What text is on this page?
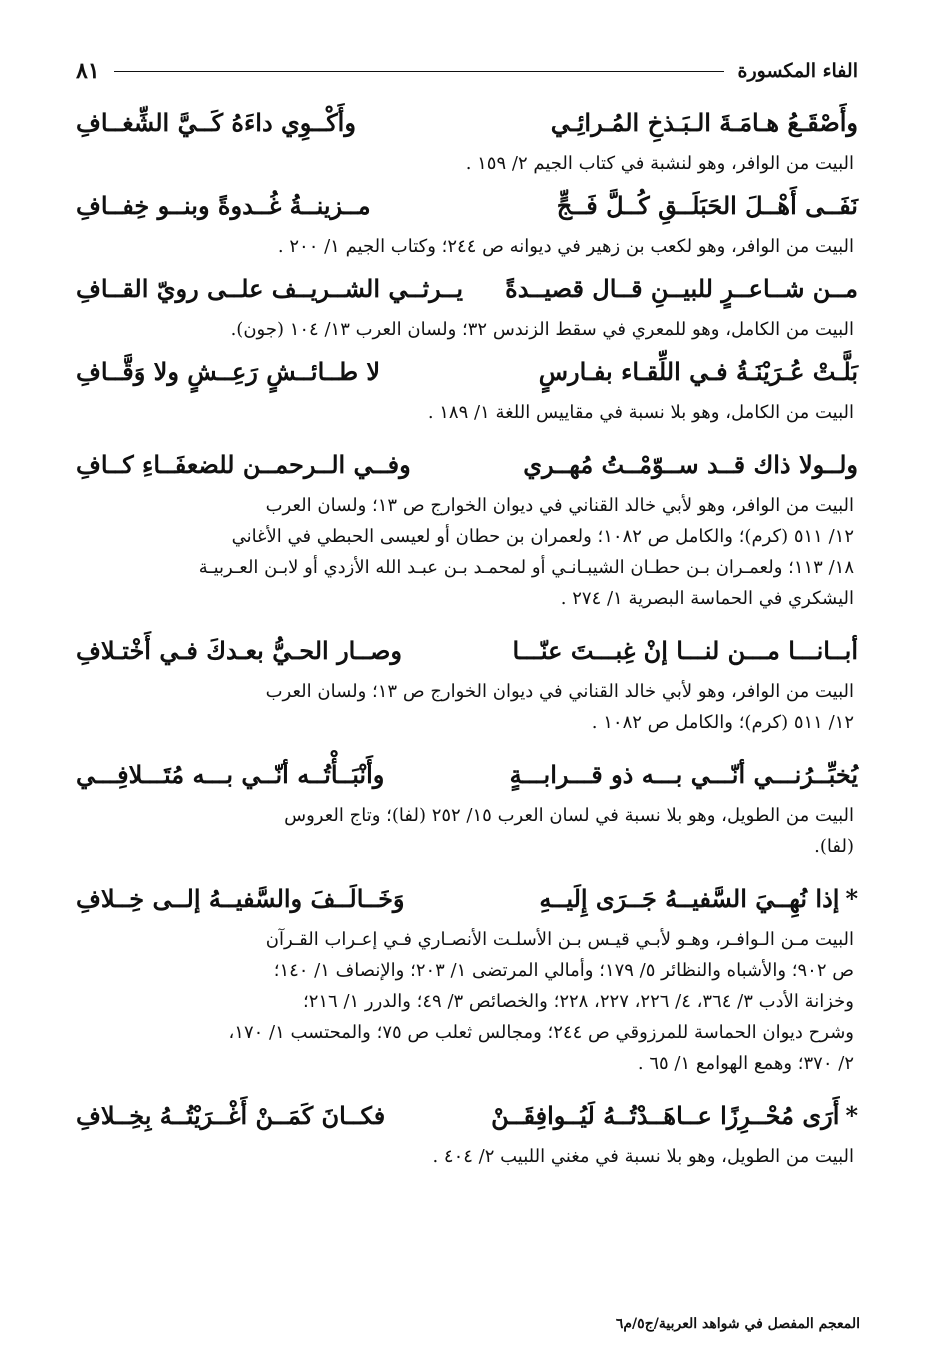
الفاء المكسورة
٨١
وأَصْقَـعُ هـامَـةَ الـبَـذخِ المُـرائِـي
وأَكْــوِي داءَهُ كَــيَّ الشِّغــافِ
البيت من الوافر، وهو لنشبة في كتاب الجيم ٢/ ١٥٩ .
نَفَــى أَهْــلَ الحَبَلَــقِ كُــلَّ فَــجٍّ
مــزينــةُ غُــدوةً وبنــو خِفــافِ
البيت من الوافر، وهو لكعب بن زهير في ديوانه ص ٢٤٤؛ وكتاب الجيم ١/ ٢٠٠ .
مــن شــاعــرٍ للبيــنِ قــال قصيــدةً
يــرثــي الشــريــف علــى رويّ القــافِ
البيت من الكامل، وهو للمعري في سقط الزندس ٣٢؛ ولسان العرب ١٣/ ١٠٤ (جون).
بَلَّـتْ عُـرَيْنَـةُ فـي اللِّقـاء بفـارسٍ
لا طــائــشٍ رَعِــشٍ ولا وَقَّــافِ
البيت من الكامل، وهو بلا نسبة في مقاييس اللغة ١/ ١٨٩ .
ولــولا ذاك قــد ســوّمْــتُ مُهــري
وفــي الــرحمــن للضعفَــاءِ كــافِ
البيت من الوافر، وهو لأبي خالد القناني في ديوان الخوارج ص ١٣؛ ولسان العرب
١٢/ ٥١١ (كرم)؛ والكامل ص ١٠٨٢؛ ولعمران بن حطان أو لعيسى الحبطي في الأغاني
١٨/ ١١٣؛ ولعمـران بـن حطـان الشيبـانـي أو لمحمـد بـن عبـد الله الأزدي أو لابـن العـربيـة
اليشكري في الحماسة البصرية ١/ ٢٧٤ .
أبــانـــا مـــن لنـــا إنْ غِبـــتَ عنّـــا
وصــار الحـيُّ بعـدكَ فـي أَخْتـلافِ
البيت من الوافر، وهو لأبي خالد القناني في ديوان الخوارج ص ١٣؛ ولسان العرب
١٢/ ٥١١ (كرم)؛ والكامل ص ١٠٨٢ .
يُخبِّــرُنـــي أنّـــي بـــه ذو قـــرابـــةٍ
وأَنْبَــأْتُــه أنّــي بـــه مُتَـــلافِـــي
البيت من الطويل، وهو بلا نسبة في لسان العرب ١٥/ ٢٥٢ (لفا)؛ وتاج العروس
(لفا).
*إذا نُهِــيَ السَّفيــهُ جَــرَى إِلَيــهِ
وَخَــالَــفَ والسَّفيــهُ إلــى خِــلافِ
البيت مـن الـوافـر، وهـو لأبـي قيـس بـن الأسلـت الأنصـاري فـي إعـراب القـرآن
ص ٩٠٢؛ والأشباه والنظائر ٥/ ١٧٩؛ وأمالي المرتضى ١/ ٢٠٣؛ والإنصاف ١/ ١٤٠؛
وخزانة الأدب ٣/ ٣٦٤، ٤/ ٢٢٦، ٢٢٧، ٢٢٨؛ والخصائص ٣/ ٤٩؛ والدرر ١/ ٢١٦؛
وشرح ديوان الحماسة للمرزوقي ص ٢٤٤؛ ومجالس ثعلب ص ٧٥؛ والمحتسب ١/ ١٧٠،
٢/ ٣٧٠؛ وهمع الهوامع ١/ ٦٥ .
*أَرَى مُحْــرِزًا عــاهَــدْتُــهُ لَيُــوافِقَــنْ
فكــانَ كَمَــنْ أَغْــرَيْتُــهُ بِخِــلافِ
البيت من الطويل، وهو بلا نسبة في مغني اللبيب ٢/ ٤٠٤ .
المعجم المفصل في شواهد العربية/ج٥/م٦
